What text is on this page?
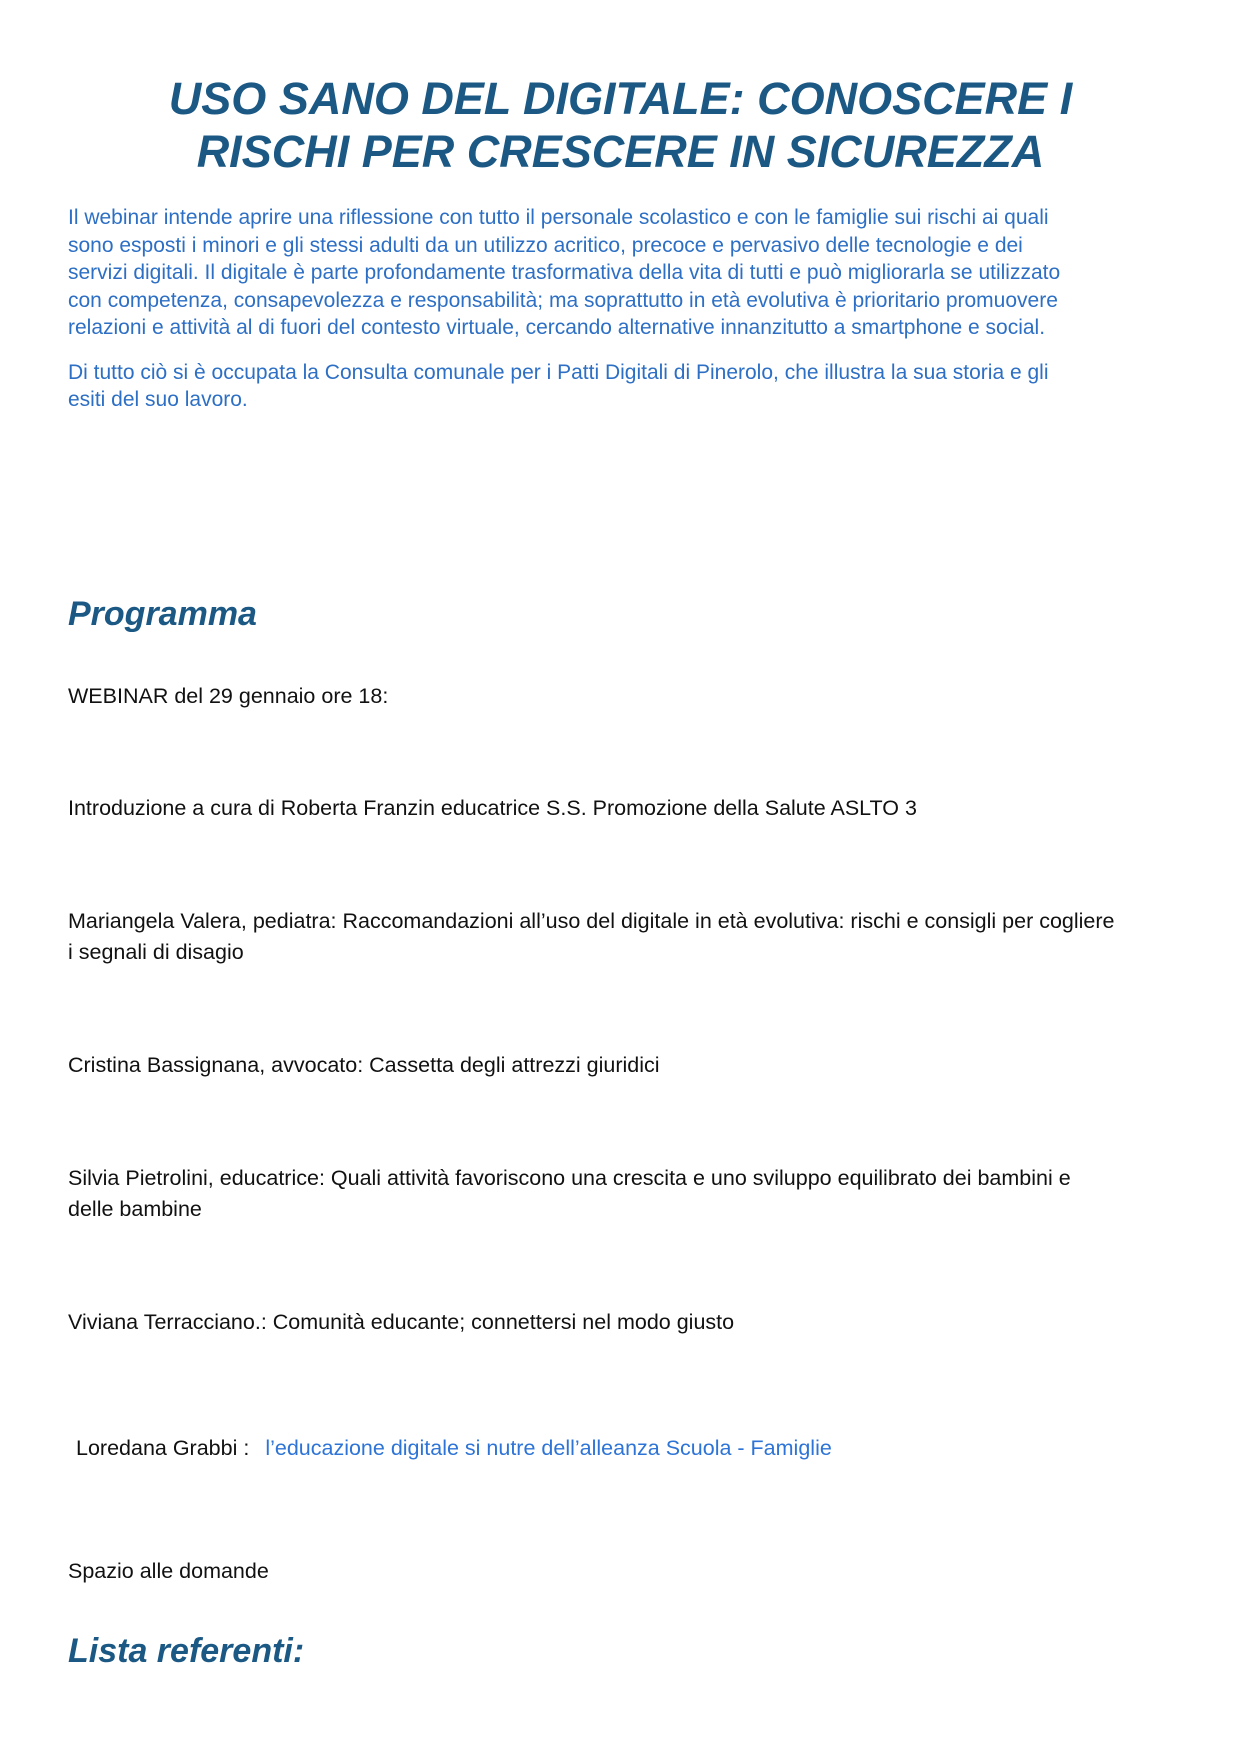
USO SANO DEL DIGITALE: CONOSCERE I
RISCHI PER CRESCERE IN SICUREZZA

Il webinar intende aprire una riflessione con tutto il personale scolastico e con le famiglie sui rischi ai quali sono esposti i minori e gli stessi adulti da un utilizzo acritico, precoce e pervasivo delle tecnologie e dei servizi digitali. Il digitale è parte profondamente trasformativa della vita di tutti e può migliorarla se utilizzato con competenza, consapevolezza e responsabilità; ma soprattutto in età evolutiva è prioritario promuovere relazioni e attività al di fuori del contesto virtuale, cercando alternative innanzitutto a smartphone e social.

Di tutto ciò si è occupata la Consulta comunale per i Patti Digitali di Pinerolo, che illustra la sua storia e gli esiti del suo lavoro.

Programma
WEBINAR del 29 gennaio ore 18:
Introduzione a cura di Roberta Franzin educatrice S.S. Promozione della Salute ASLTO 3
Mariangela Valera, pediatra: Raccomandazioni all’uso del digitale in età evolutiva: rischi e consigli per cogliere i segnali di disagio
Cristina Bassignana, avvocato: Cassetta degli attrezzi giuridici
Silvia Pietrolini, educatrice: Quali attività favoriscono una crescita e uno sviluppo equilibrato dei bambini e delle bambine
Viviana Terracciano.: Comunità educante; connettersi nel modo giusto
Loredana Grabbi : l’educazione digitale si nutre dell’alleanza Scuola - Famiglie
Spazio alle domande
Lista referenti:
